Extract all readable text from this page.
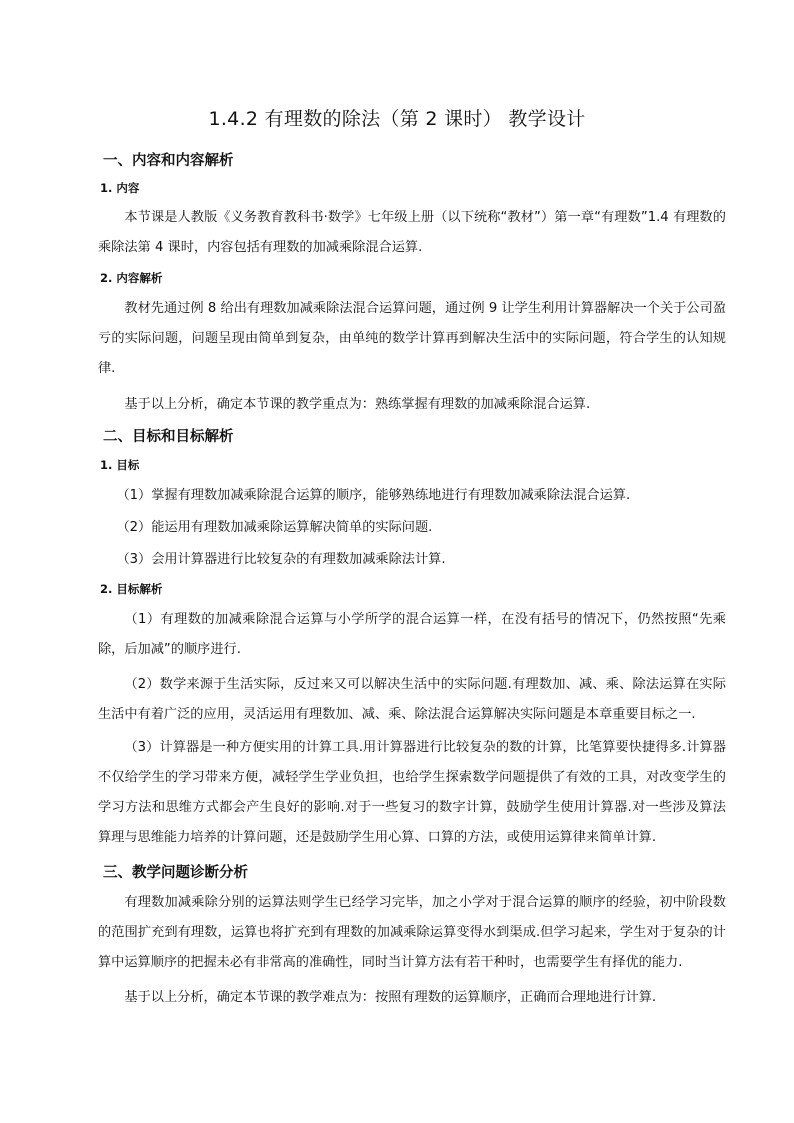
1.4.2 有理数的除法（第 2 课时） 教学设计
一、内容和内容解析
1. 内容
本节课是人教版《义务教育教科书·数学》七年级上册（以下统称“教材”）第一章“有理数”1.4 有理数的乘除法第 4 课时，内容包括有理数的加减乘除混合运算.
2. 内容解析
教材先通过例 8 给出有理数加减乘除法混合运算问题，通过例 9 让学生利用计算器解决一个关于公司盈亏的实际问题，问题呈现由简单到复杂，由单纯的数学计算再到解决生活中的实际问题，符合学生的认知规律.
基于以上分析，确定本节课的教学重点为：熟练掌握有理数的加减乘除混合运算.
二、目标和目标解析
1. 目标
（1）掌握有理数加减乘除混合运算的顺序，能够熟练地进行有理数加减乘除法混合运算.
（2）能运用有理数加减乘除运算解决简单的实际问题.
（3）会用计算器进行比较复杂的有理数加减乘除法计算.
2. 目标解析
（1）有理数的加减乘除混合运算与小学所学的混合运算一样，在没有括号的情况下，仍然按照“先乘除，后加减”的顺序进行.
（2）数学来源于生活实际，反过来又可以解决生活中的实际问题.有理数加、减、乘、除法运算在实际生活中有着广泛的应用，灵活运用有理数加、减、乘、除法混合运算解决实际问题是本章重要目标之一.
（3）计算器是一种方便实用的计算工具.用计算器进行比较复杂的数的计算，比笔算要快捷得多.计算器不仅给学生的学习带来方便，减轻学生学业负担，也给学生探索数学问题提供了有效的工具，对改变学生的学习方法和思维方式都会产生良好的影响.对于一些复习的数字计算，鼓励学生使用计算器.对一些涉及算法算理与思维能力培养的计算问题，还是鼓励学生用心算、口算的方法，或使用运算律来简单计算.
三、教学问题诊断分析
有理数加减乘除分别的运算法则学生已经学习完毕，加之小学对于混合运算的顺序的经验，初中阶段数的范围扩充到有理数，运算也将扩充到有理数的加减乘除运算变得水到渠成.但学习起来，学生对于复杂的计算中运算顺序的把握未必有非常高的准确性，同时当计算方法有若干种时，也需要学生有择优的能力.
基于以上分析，确定本节课的教学难点为：按照有理数的运算顺序，正确而合理地进行计算.
